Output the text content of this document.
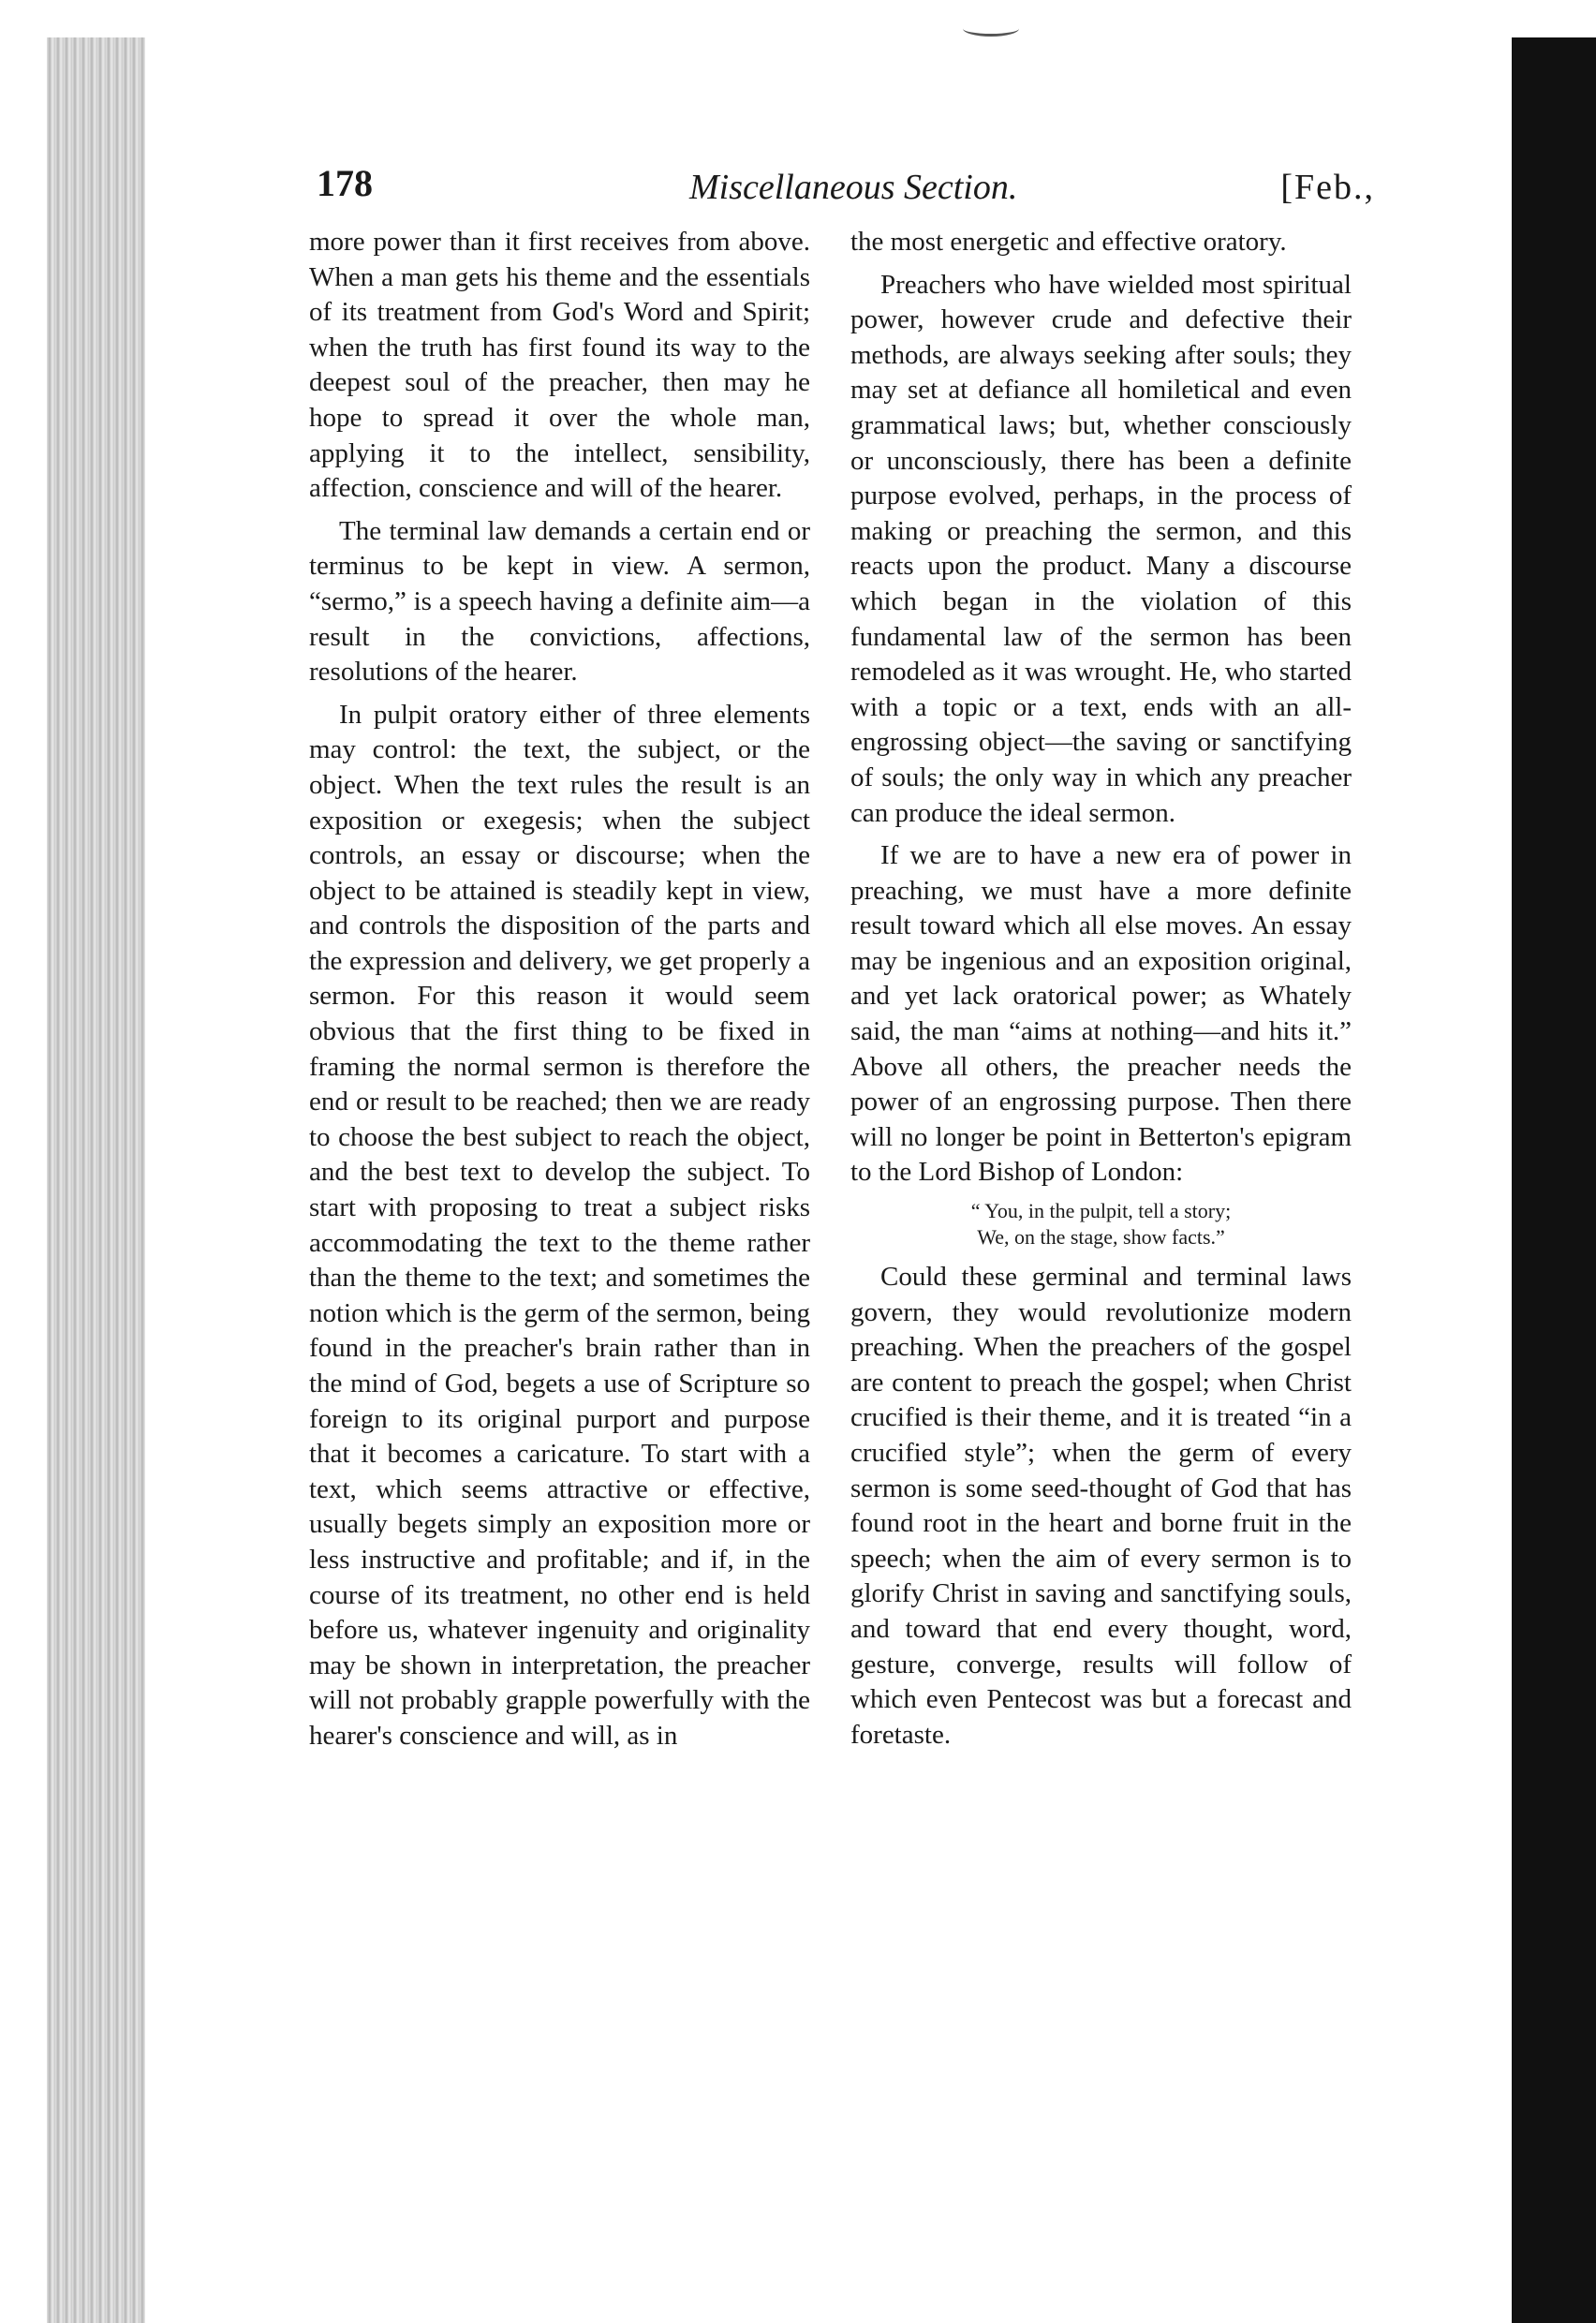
178	Miscellaneous Section.	[Feb.,

more power than it first receives from above. When a man gets his theme and the essentials of its treatment from God's Word and Spirit; when the truth has first found its way to the deepest soul of the preacher, then may he hope to spread it over the whole man, applying it to the intellect, sensibility, affection, conscience and will of the hearer.

The terminal law demands a certain end or terminus to be kept in view. A sermon, “sermo,” is a speech having a definite aim—a result in the convictions, affections, resolutions of the hearer.

In pulpit oratory either of three elements may control: the text, the subject, or the object. When the text rules the result is an exposition or exegesis; when the subject controls, an essay or discourse; when the object to be attained is steadily kept in view, and controls the disposition of the parts and the expression and delivery, we get properly a sermon. For this reason it would seem obvious that the first thing to be fixed in framing the normal sermon is therefore the end or result to be reached; then we are ready to choose the best subject to reach the object, and the best text to develop the subject. To start with proposing to treat a subject risks accommodating the text to the theme rather than the theme to the text; and sometimes the notion which is the germ of the sermon, being found in the preacher's brain rather than in the mind of God, begets a use of Scripture so foreign to its original purport and purpose that it becomes a caricature. To start with a text, which seems attractive or effective, usually begets simply an exposition more or less instructive and profitable; and if, in the course of its treatment, no other end is held before us, whatever ingenuity and originality may be shown in interpretation, the preacher will not probably grapple powerfully with the hearer's conscience and will, as in

the most energetic and effective oratory.

Preachers who have wielded most spiritual power, however crude and defective their methods, are always seeking after souls; they may set at defiance all homiletical and even grammatical laws; but, whether consciously or unconsciously, there has been a definite purpose evolved, perhaps, in the process of making or preaching the sermon, and this reacts upon the product. Many a discourse which began in the violation of this fundamental law of the sermon has been remodeled as it was wrought. He, who started with a topic or a text, ends with an all-engrossing object—the saving or sanctifying of souls; the only way in which any preacher can produce the ideal sermon.

If we are to have a new era of power in preaching, we must have a more definite result toward which all else moves. An essay may be ingenious and an exposition original, and yet lack oratorical power; as Whately said, the man “aims at nothing—and hits it.” Above all others, the preacher needs the power of an engrossing purpose. Then there will no longer be point in Betterton's epigram to the Lord Bishop of London:

“ You, in the pulpit, tell a story;
We, on the stage, show facts.”

Could these germinal and terminal laws govern, they would revolutionize modern preaching. When the preachers of the gospel are content to preach the gospel; when Christ crucified is their theme, and it is treated “in a crucified style”; when the germ of every sermon is some seed-thought of God that has found root in the heart and borne fruit in the speech; when the aim of every sermon is to glorify Christ in saving and sanctifying souls, and toward that end every thought, word, gesture, converge, results will follow of which even Pentecost was but a forecast and foretaste.
